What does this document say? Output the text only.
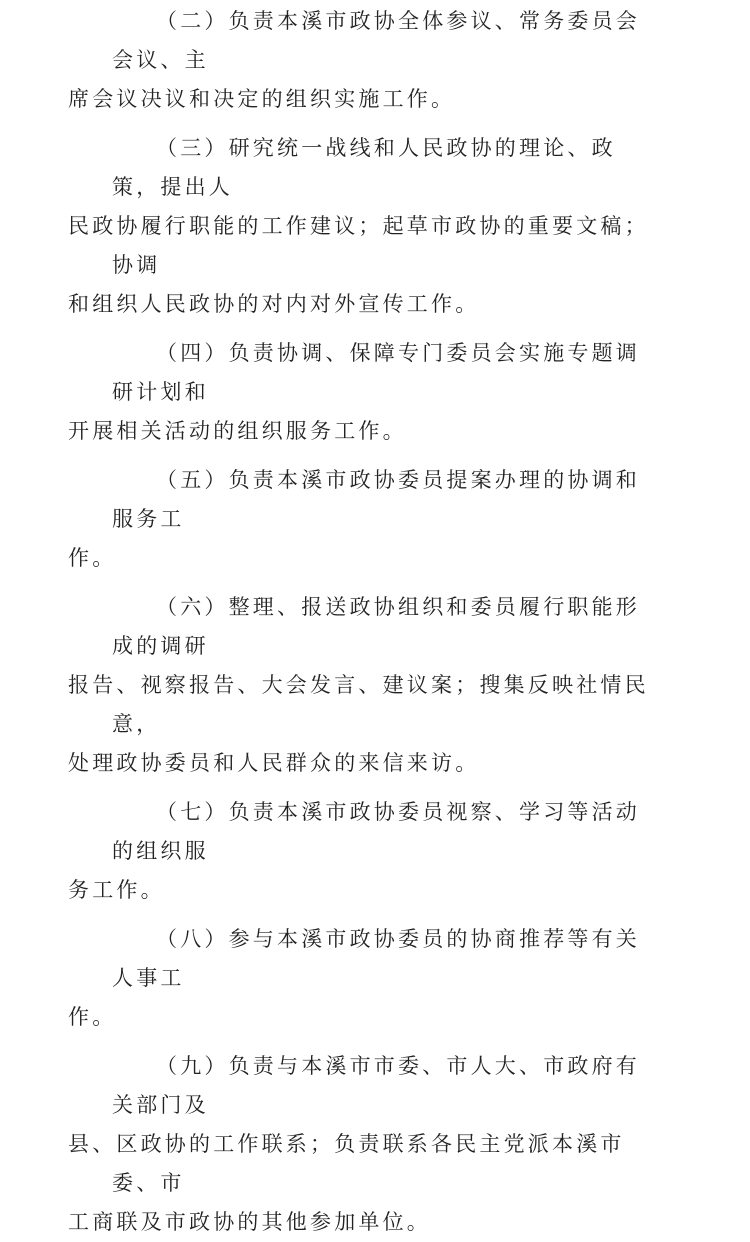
（二）负责本溪市政协全体参议、常务委员会会议、主
席会议决议和决定的组织实施工作。

（三）研究统一战线和人民政协的理论、政策，提出人
民政协履行职能的工作建议；起草市政协的重要文稿；协调
和组织人民政协的对内对外宣传工作。

（四）负责协调、保障专门委员会实施专题调研计划和
开展相关活动的组织服务工作。

（五）负责本溪市政协委员提案办理的协调和服务工
作。

（六）整理、报送政协组织和委员履行职能形成的调研
报告、视察报告、大会发言、建议案；搜集反映社情民意，
处理政协委员和人民群众的来信来访。

（七）负责本溪市政协委员视察、学习等活动的组织服
务工作。

（八）参与本溪市政协委员的协商推荐等有关人事工
作。

（九）负责与本溪市市委、市人大、市政府有关部门及
县、区政协的工作联系；负责联系各民主党派本溪市委、市
工商联及市政协的其他参加单位。
